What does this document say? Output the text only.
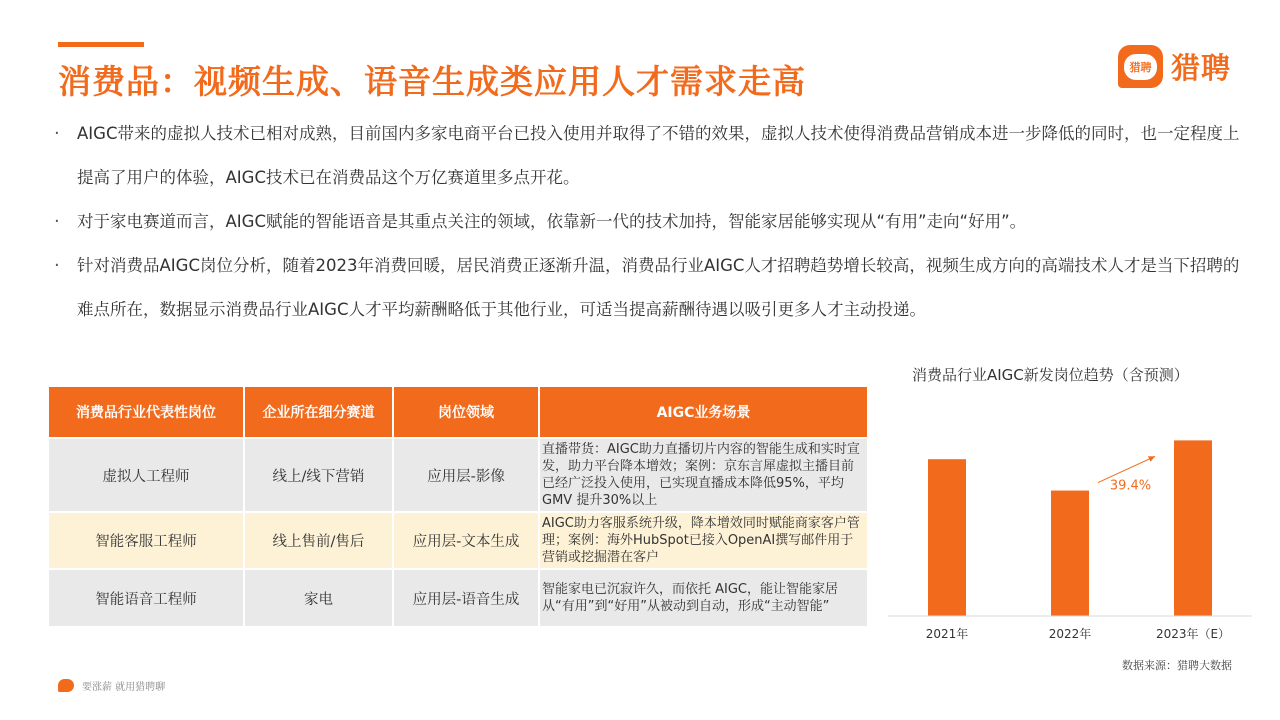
消费品：视频生成、语音生成类应用人才需求走高	猎聘 猎聘
· AIGC带来的虚拟人技术已相对成熟，目前国内多家电商平台已投入使用并取得了不错的效果，虚拟人技术使得消费品营销成本进一步降低的同时，也一定程度上提高了用户的体验，AIGC技术已在消费品这个万亿赛道里多点开花。
· 对于家电赛道而言，AIGC赋能的智能语音是其重点关注的领域，依靠新一代的技术加持，智能家居能够实现从“有用”走向“好用”。
· 针对消费品AIGC岗位分析，随着2023年消费回暖，居民消费正逐渐升温，消费品行业AIGC人才招聘趋势增长较高，视频生成方向的高端技术人才是当下招聘的难点所在，数据显示消费品行业AIGC人才平均薪酬略低于其他行业，可适当提高薪酬待遇以吸引更多人才主动投递。
消费品行业代表性岗位	企业所在细分赛道	岗位领域	AIGC业务场景
虚拟人工程师	线上/线下营销	应用层-影像	直播带货：AIGC助力直播切片内容的智能生成和实时宣发，助力平台降本增效；案例：京东言犀虚拟主播目前已经广泛投入使用，已实现直播成本降低95%，平均GMV 提升30%以上
智能客服工程师	线上售前/售后	应用层-文本生成	AIGC助力客服系统升级，降本增效同时赋能商家客户管理；案例：海外HubSpot已接入OpenAI撰写邮件用于营销或挖掘潜在客户
智能语音工程师	家电	应用层-语音生成	智能家电已沉寂许久，而依托 AIGC，能让智能家居从“有用”到“好用”从被动到自动，形成“主动智能”
消费品行业AIGC新发岗位趋势（含预测）
2021年	2022年	2023年（E）
39.4%
数据来源：猎聘大数据
要涨薪 就用猎聘聊
